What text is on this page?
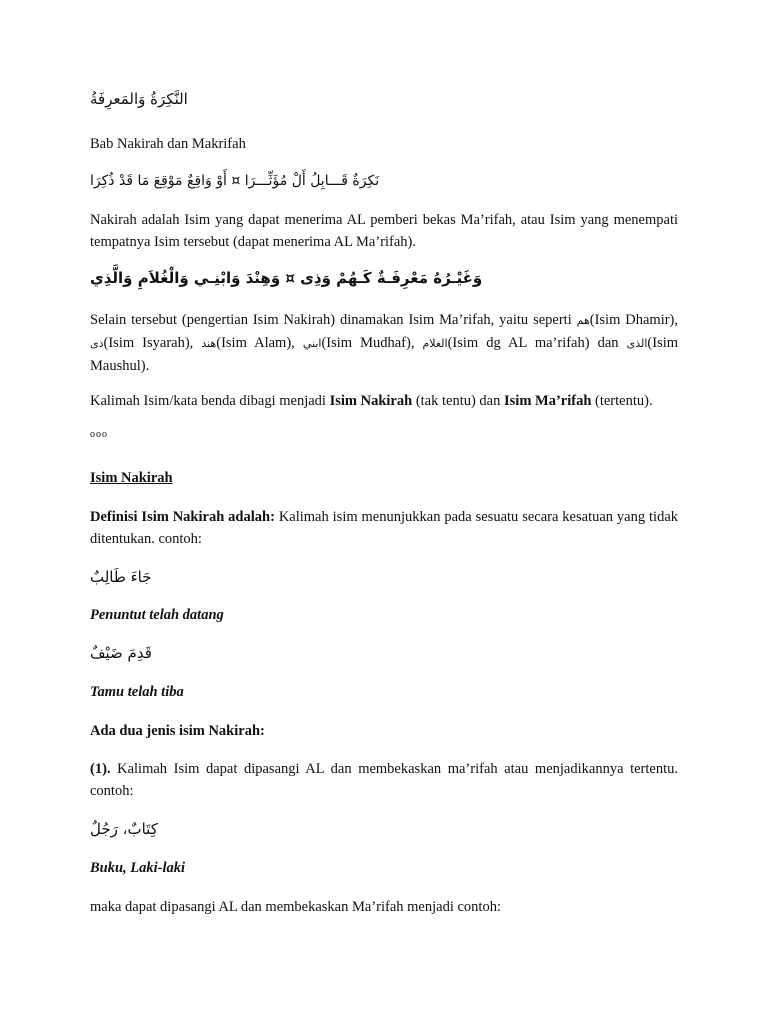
النَّكِرَةُ وَالمَعرِفَةُ

Bab Nakirah dan Makrifah

نَكِرَةٌ قَـــابِلُ أَلْ مُؤَثِّـــرَا ¤ أَوْ وَاقِعٌ مَوْقِعَ مَا قَدْ ذُكِرَا

Nakirah adalah Isim yang dapat menerima AL pemberi bekas Ma’rifah, atau Isim yang menempati tempatnya Isim tersebut (dapat menerima AL Ma’rifah).

وَغَيْـرُهُ مَعْرِفَـةٌ كَـهُمْ وَذِى ¤ وَهِنْدَ وَابْنِـي وَالْغُلاَمِ وَالَّذِي

Selain tersebut (pengertian Isim Nakirah) dinamakan Isim Ma’rifah, yaitu seperti هم(Isim Dhamir), ذى(Isim Isyarah), هند(Isim Alam), ابني(Isim Mudhaf), الغلام(Isim dg AL ma’rifah) dan الذى(Isim Maushul).

Kalimah Isim/kata benda dibagi menjadi Isim Nakirah (tak tentu) dan Isim Ma’rifah (tertentu).

ooo

Isim Nakirah

Definisi Isim Nakirah adalah: Kalimah isim menunjukkan pada sesuatu secara kesatuan yang tidak ditentukan. contoh:

جَاءَ طَالِبٌ

Penuntut telah datang

قَدِمَ ضَيْفٌ

Tamu telah tiba

Ada dua jenis isim Nakirah:

(1). Kalimah Isim dapat dipasangi AL dan membekaskan ma’rifah atau menjadikannya tertentu. contoh:

كِتَابٌ، رَجُلٌ

Buku, Laki-laki

maka dapat dipasangi AL dan membekaskan Ma’rifah menjadi contoh:
